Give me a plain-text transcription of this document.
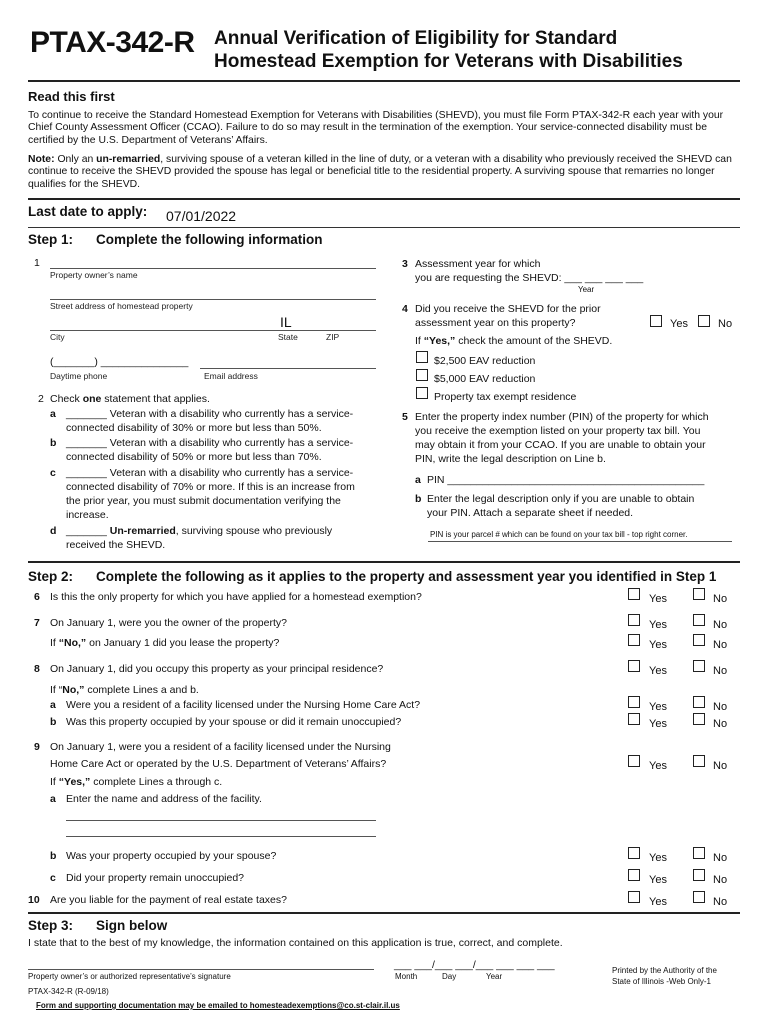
PTAX-342-R Annual Verification of Eligibility for Standard
Homestead Exemption for Veterans with Disabilities
Read this first
To continue to receive the Standard Homestead Exemption for Veterans with Disabilities (SHEVD), you must file Form PTAX-342-R each year with your Chief County Assessment Officer (CCAO). Failure to do so may result in the termination of the exemption. Your service-connected disability must be certified by the U.S. Department of Veterans’ Affairs.
Note: Only an un-remarried, surviving spouse of a veteran killed in the line of duty, or a veteran with a disability who previously received the SHEVD can continue to receive the SHEVD provided the spouse has legal or beneficial title to the residential property. A surviving spouse that remarries no longer qualifies for the SHEVD.
Last date to apply: 07/01/2022
Step 1: Complete the following information
1
Property owner’s name
Street address of homestead property
IL
City	State	ZIP
(_______) _______________
Daytime phone	Email address
2 Check one statement that applies.
a _______ Veteran with a disability who currently has a service-
connected disability of 30% or more but less than 50%.
b _______ Veteran with a disability who currently has a service-
connected disability of 50% or more but less than 70%.
c _______ Veteran with a disability who currently has a service-
connected disability of 70% or more. If this is an increase from
the prior year, you must submit documentation verifying the
increase.
d _______ Un-remarried, surviving spouse who previously
received the SHEVD.
3 Assessment year for which
you are requesting the SHEVD: ___ ___ ___ ___
Year
4 Did you receive the SHEVD for the prior
assessment year on this property?	Yes	No
If “Yes,” check the amount of the SHEVD.
$2,500 EAV reduction
$5,000 EAV reduction
Property tax exempt residence
5 Enter the property index number (PIN) of the property for which
you receive the exemption listed on your property tax bill. You
may obtain it from your CCAO. If you are unable to obtain your
PIN, write the legal description on Line b.
a PIN ____________________________________________
b Enter the legal description only if you are unable to obtain
your PIN. Attach a separate sheet if needed.
PIN is your parcel # which can be found on your tax bill - top right corner.
Step 2: Complete the following as it applies to the property and assessment year you identified in Step 1
6 Is this the only property for which you have applied for a homestead exemption?	Yes	No
7 On January 1, were you the owner of the property?	Yes	No
If “No,” on January 1 did you lease the property?	Yes	No
8 On January 1, did you occupy this property as your principal residence?	Yes	No
If “No,” complete Lines a and b.
a Were you a resident of a facility licensed under the Nursing Home Care Act?	Yes	No
b Was this property occupied by your spouse or did it remain unoccupied?	Yes	No
9 On January 1, were you a resident of a facility licensed under the Nursing
Home Care Act or operated by the U.S. Department of Veterans’ Affairs?	Yes	No
If “Yes,” complete Lines a through c.
a Enter the name and address of the facility.
b Was your property occupied by your spouse?	Yes	No
c Did your property remain unoccupied?	Yes	No
10 Are you liable for the payment of real estate taxes?	Yes	No
Step 3: Sign below
I state that to the best of my knowledge, the information contained on this application is true, correct, and complete.
Property owner’s or authorized representative’s signature
___ ___/___ ___/___ ___ ___ ___
Month	Day	Year
Printed by the Authority of the
State of Illinois -Web Only-1
PTAX-342-R (R-09/18)
Form and supporting documentation may be emailed to homesteadexemptions@co.st-clair.il.us
